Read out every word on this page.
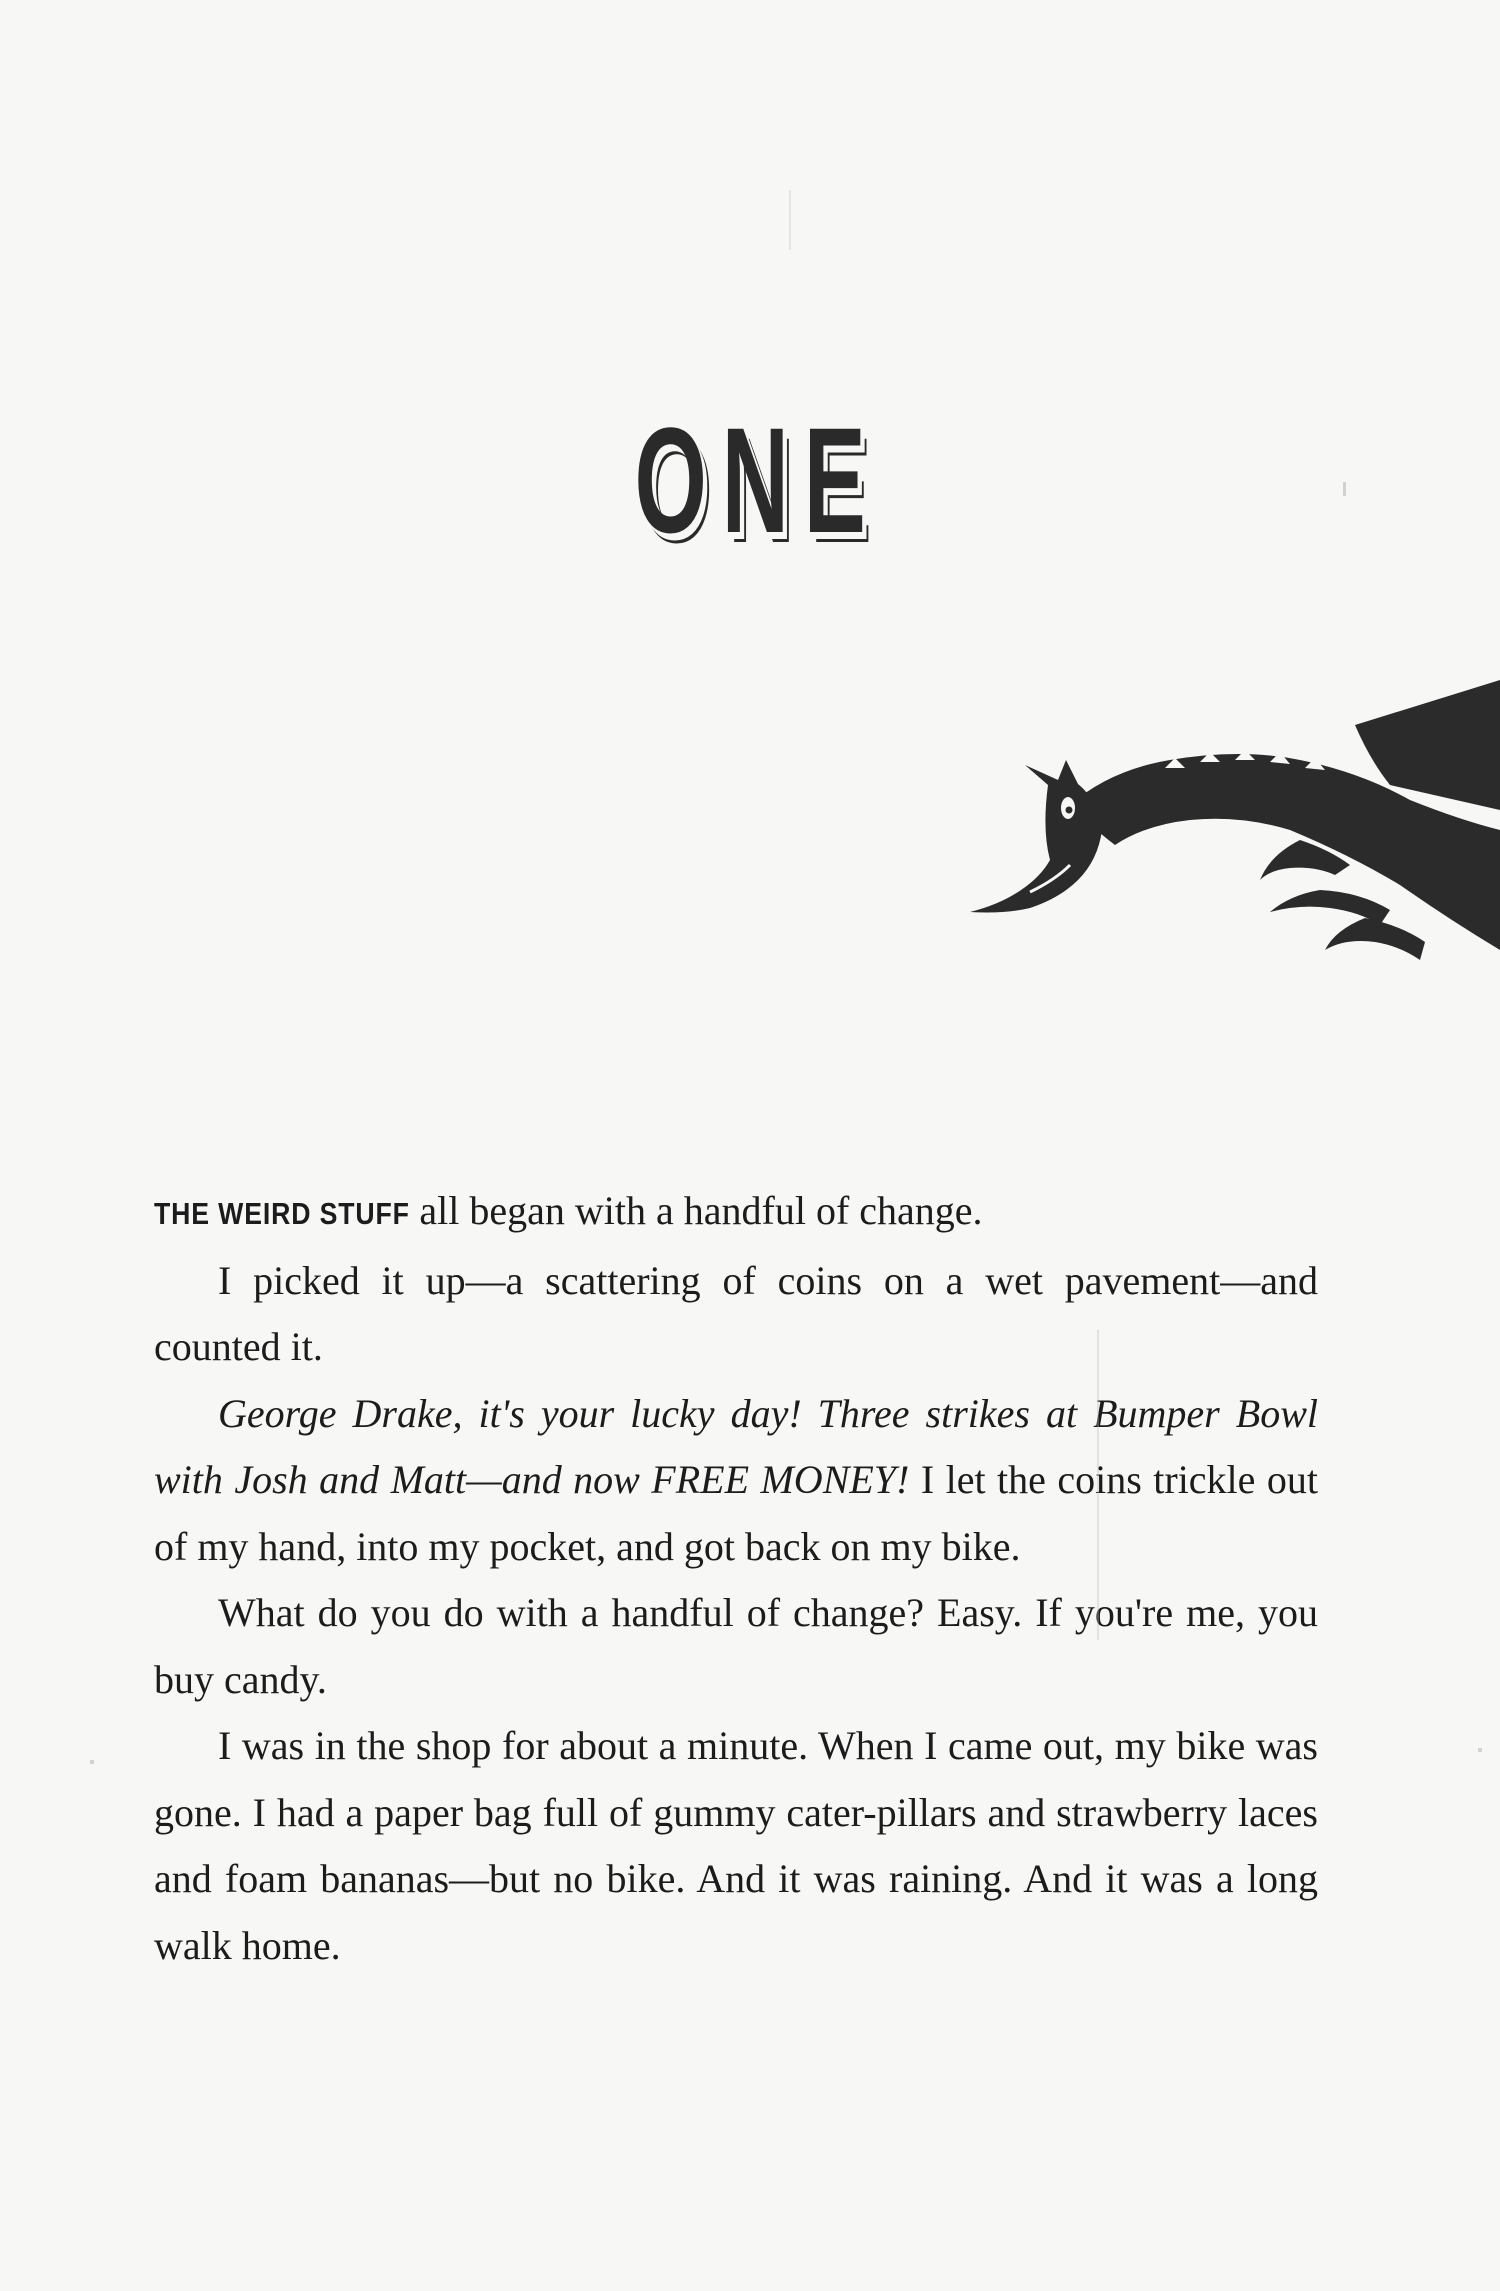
ONE

THE WEIRD STUFF all began with a handful of change.

I picked it up—a scattering of coins on a wet pavement—and counted it.

George Drake, it's your lucky day! Three strikes at Bumper Bowl with Josh and Matt—and now FREE MONEY! I let the coins trickle out of my hand, into my pocket, and got back on my bike.

What do you do with a handful of change? Easy. If you're me, you buy candy.

I was in the shop for about a minute. When I came out, my bike was gone. I had a paper bag full of gummy cater-pillars and strawberry laces and foam bananas—but no bike. And it was raining. And it was a long walk home.
